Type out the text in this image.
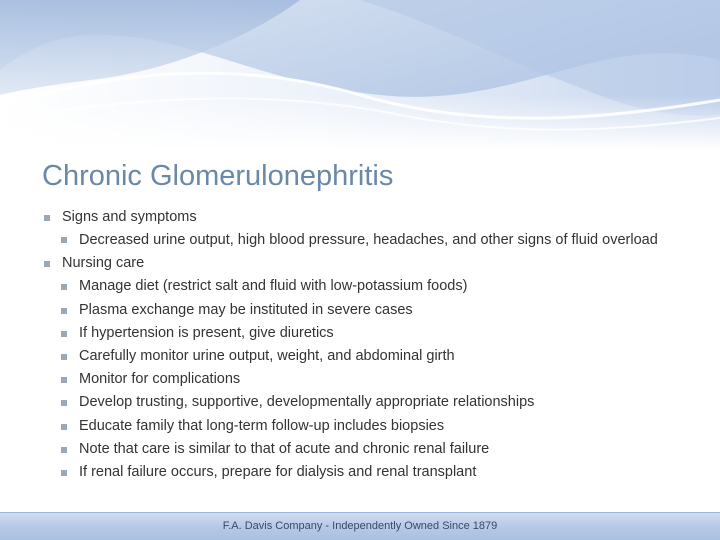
Chronic Glomerulonephritis
Signs and symptoms
Decreased urine output, high blood pressure, headaches, and other signs of fluid overload
Nursing care
Manage diet (restrict salt and fluid with low-potassium foods)
Plasma exchange may be instituted in severe cases
If hypertension is present, give diuretics
Carefully monitor urine output, weight, and abdominal girth
Monitor for complications
Develop trusting, supportive, developmentally appropriate relationships
Educate family that long-term follow-up includes biopsies
Note that care is similar to that of acute and chronic renal failure
If renal failure occurs, prepare for dialysis and renal transplant
F.A. Davis Company - Independently Owned Since 1879
